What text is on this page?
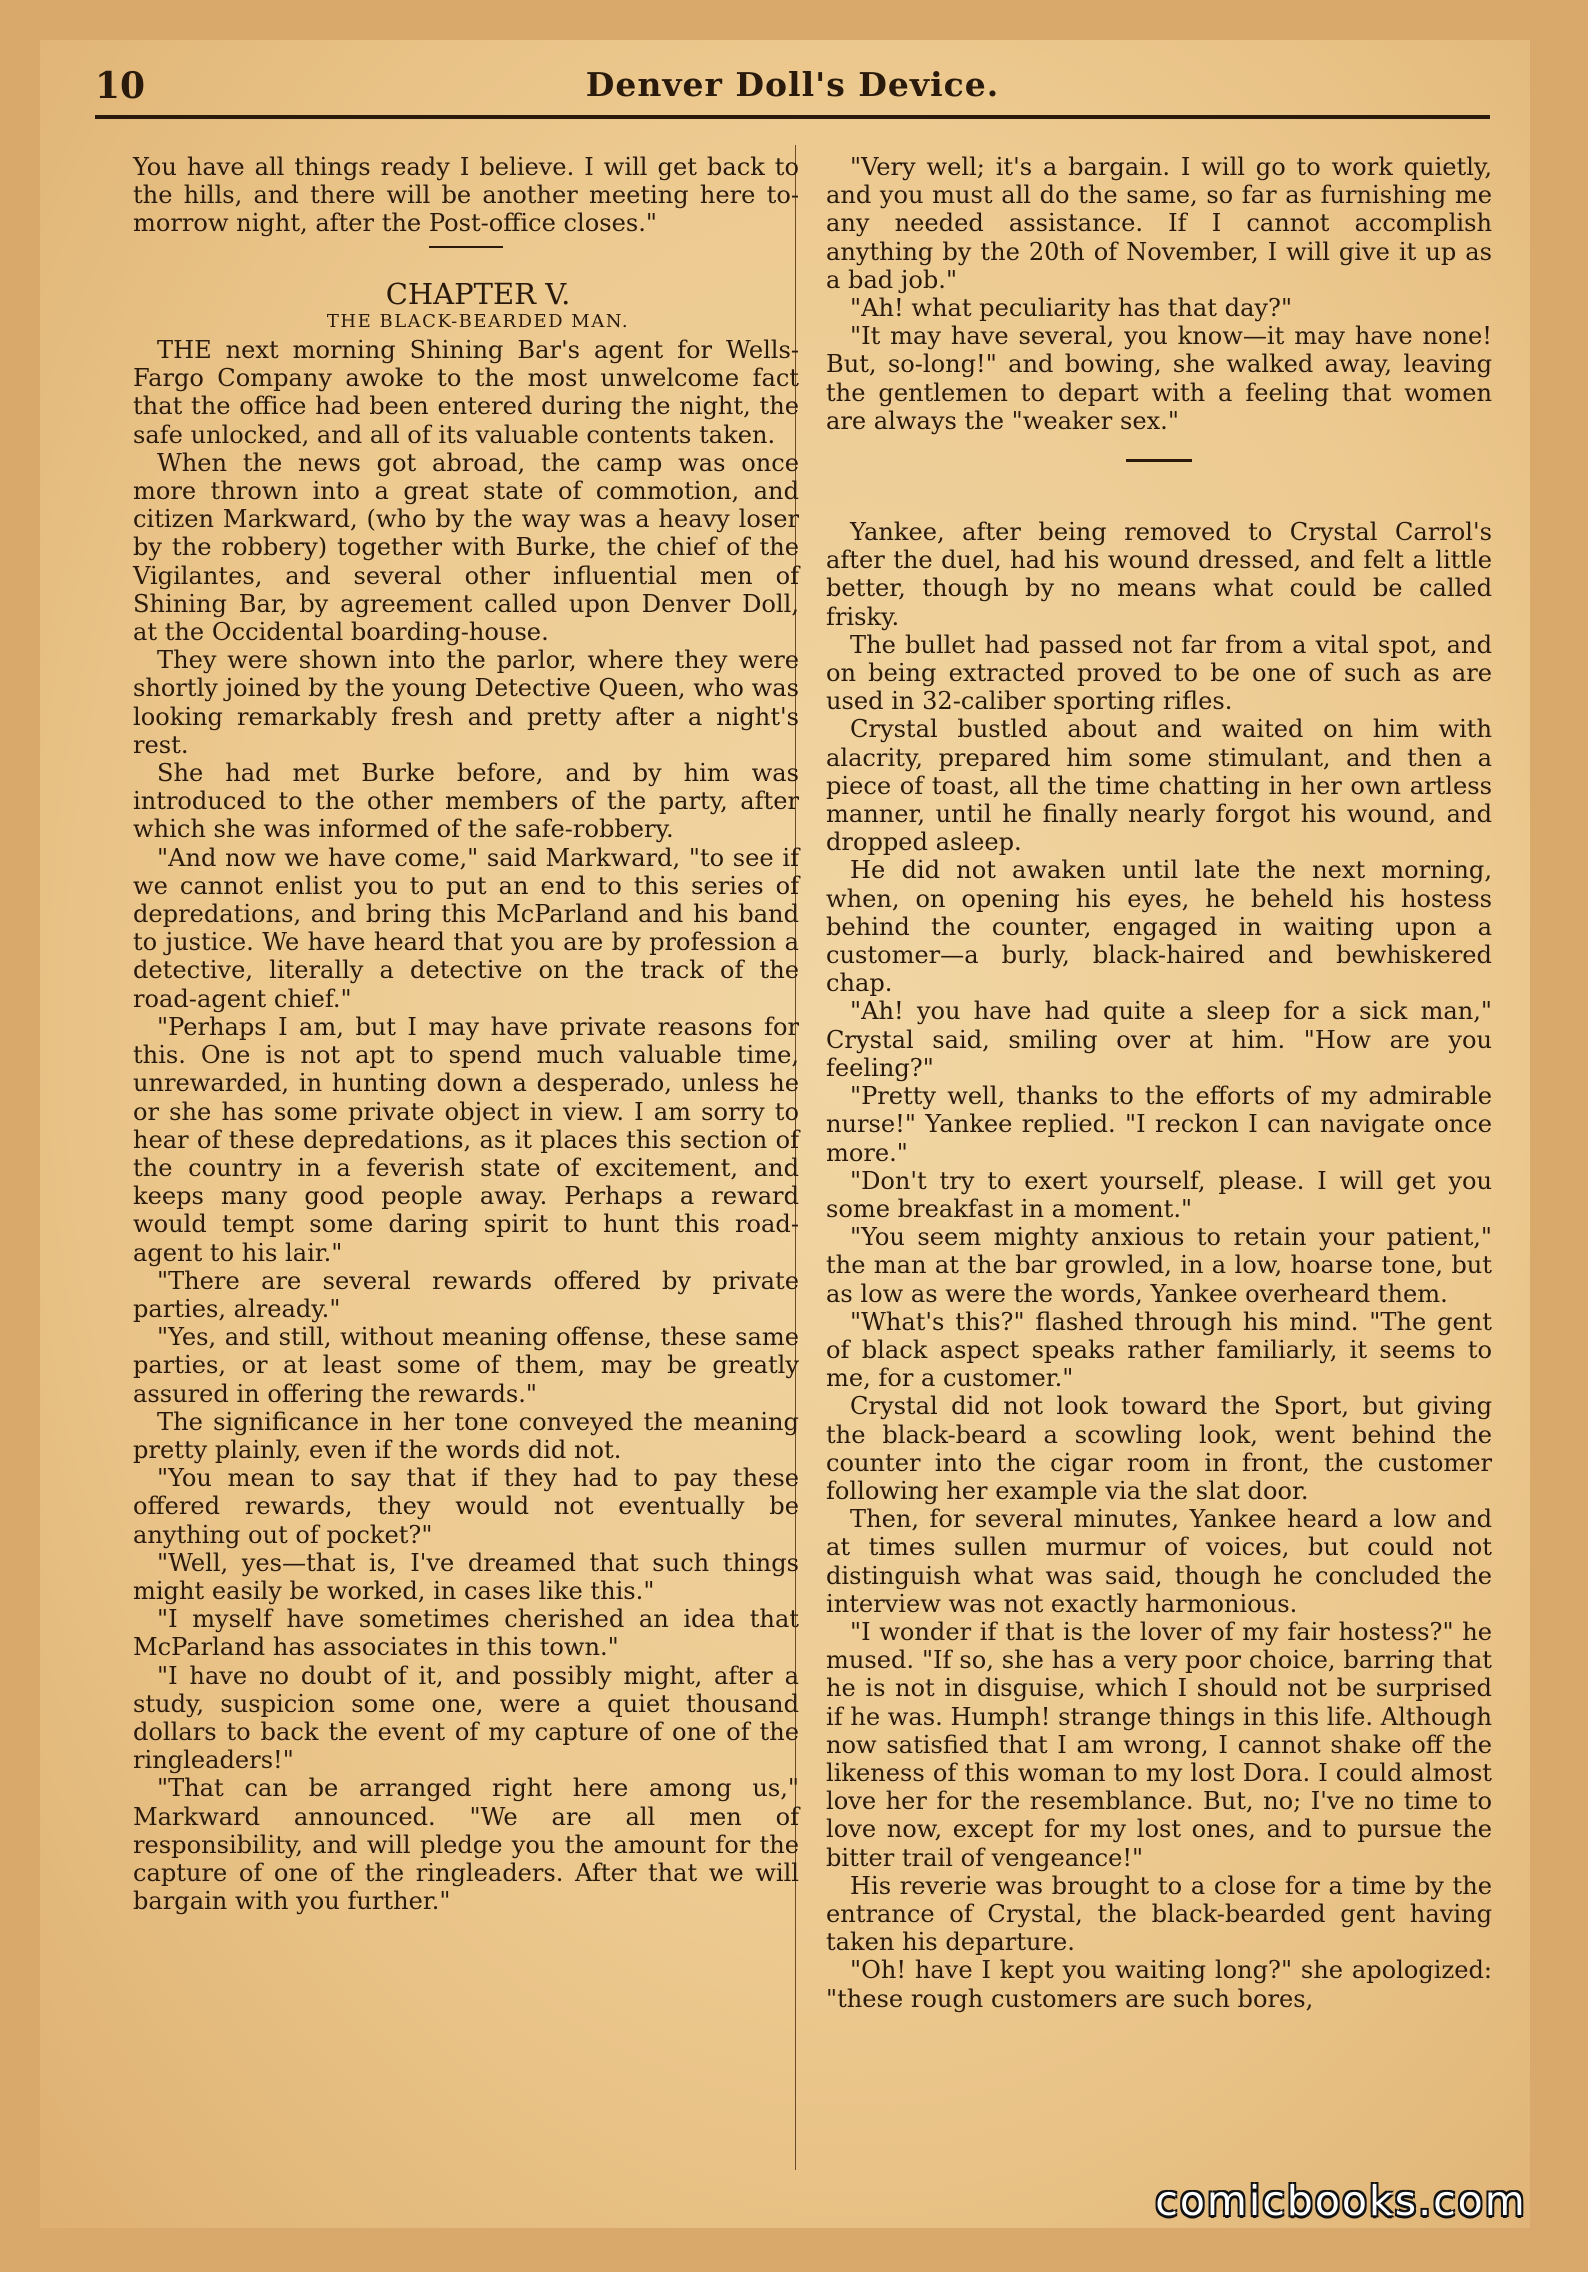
10	Denver Doll's Device.

You have all things ready I believe. I will get back to the hills, and there will be another meeting here to-morrow night, after the Post-office closes."

CHAPTER V.

THE BLACK-BEARDED MAN.

THE next morning Shining Bar's agent for Wells-Fargo Company awoke to the most unwelcome fact that the office had been entered during the night, the safe unlocked, and all of its valuable contents taken.

When the news got abroad, the camp was once more thrown into a great state of commotion, and citizen Markward, (who by the way was a heavy loser by the robbery) together with Burke, the chief of the Vigilantes, and several other influential men of Shining Bar, by agreement called upon Denver Doll, at the Occidental boarding-house.

They were shown into the parlor, where they were shortly joined by the young Detective Queen, who was looking remarkably fresh and pretty after a night's rest.

She had met Burke before, and by him was introduced to the other members of the party, after which she was informed of the safe-robbery.

"And now we have come," said Markward, "to see if we cannot enlist you to put an end to this series of depredations, and bring this McParland and his band to justice. We have heard that you are by profession a detective, literally a detective on the track of the road-agent chief."

"Perhaps I am, but I may have private reasons for this. One is not apt to spend much valuable time, unrewarded, in hunting down a desperado, unless he or she has some private object in view. I am sorry to hear of these depredations, as it places this section of the country in a feverish state of excitement, and keeps many good people away. Perhaps a reward would tempt some daring spirit to hunt this road-agent to his lair."

"There are several rewards offered by private parties, already."

"Yes, and still, without meaning offense, these same parties, or at least some of them, may be greatly assured in offering the rewards."

The significance in her tone conveyed the meaning pretty plainly, even if the words did not.

"You mean to say that if they had to pay these offered rewards, they would not eventually be anything out of pocket?"

"Well, yes—that is, I've dreamed that such things might easily be worked, in cases like this."

"I myself have sometimes cherished an idea that McParland has associates in this town."

"I have no doubt of it, and possibly might, after a study, suspicion some one, were a quiet thousand dollars to back the event of my capture of one of the ringleaders!"

"That can be arranged right here among us," Markward announced. "We are all men of responsibility, and will pledge you the amount for the capture of one of the ringleaders. After that we will bargain with you further."

"Very well; it's a bargain. I will go to work quietly, and you must all do the same, so far as furnishing me any needed assistance. If I cannot accomplish anything by the 20th of November, I will give it up as a bad job."

"Ah! what peculiarity has that day?"

"It may have several, you know—it may have none! But, so-long!" and bowing, she walked away, leaving the gentlemen to depart with a feeling that women are always the "weaker sex."

Yankee, after being removed to Crystal Carrol's after the duel, had his wound dressed, and felt a little better, though by no means what could be called frisky.

The bullet had passed not far from a vital spot, and on being extracted proved to be one of such as are used in 32-caliber sporting rifles.

Crystal bustled about and waited on him with alacrity, prepared him some stimulant, and then a piece of toast, all the time chatting in her own artless manner, until he finally nearly forgot his wound, and dropped asleep.

He did not awaken until late the next morning, when, on opening his eyes, he beheld his hostess behind the counter, engaged in waiting upon a customer—a burly, black-haired and bewhiskered chap.

"Ah! you have had quite a sleep for a sick man," Crystal said, smiling over at him. "How are you feeling?"

"Pretty well, thanks to the efforts of my admirable nurse!" Yankee replied. "I reckon I can navigate once more."

"Don't try to exert yourself, please. I will get you some breakfast in a moment."

"You seem mighty anxious to retain your patient," the man at the bar growled, in a low, hoarse tone, but as low as were the words, Yankee overheard them.

"What's this?" flashed through his mind. "The gent of black aspect speaks rather familiarly, it seems to me, for a customer."

Crystal did not look toward the Sport, but giving the black-beard a scowling look, went behind the counter into the cigar room in front, the customer following her example via the slat door.

Then, for several minutes, Yankee heard a low and at times sullen murmur of voices, but could not distinguish what was said, though he concluded the interview was not exactly harmonious.

"I wonder if that is the lover of my fair hostess?" he mused. "If so, she has a very poor choice, barring that he is not in disguise, which I should not be surprised if he was. Humph! strange things in this life. Although now satisfied that I am wrong, I cannot shake off the likeness of this woman to my lost Dora. I could almost love her for the resemblance. But, no; I've no time to love now, except for my lost ones, and to pursue the bitter trail of vengeance!"

His reverie was brought to a close for a time by the entrance of Crystal, the black-bearded gent having taken his departure.

"Oh! have I kept you waiting long?" she apologized: "these rough customers are such bores,

comicbooks.com
